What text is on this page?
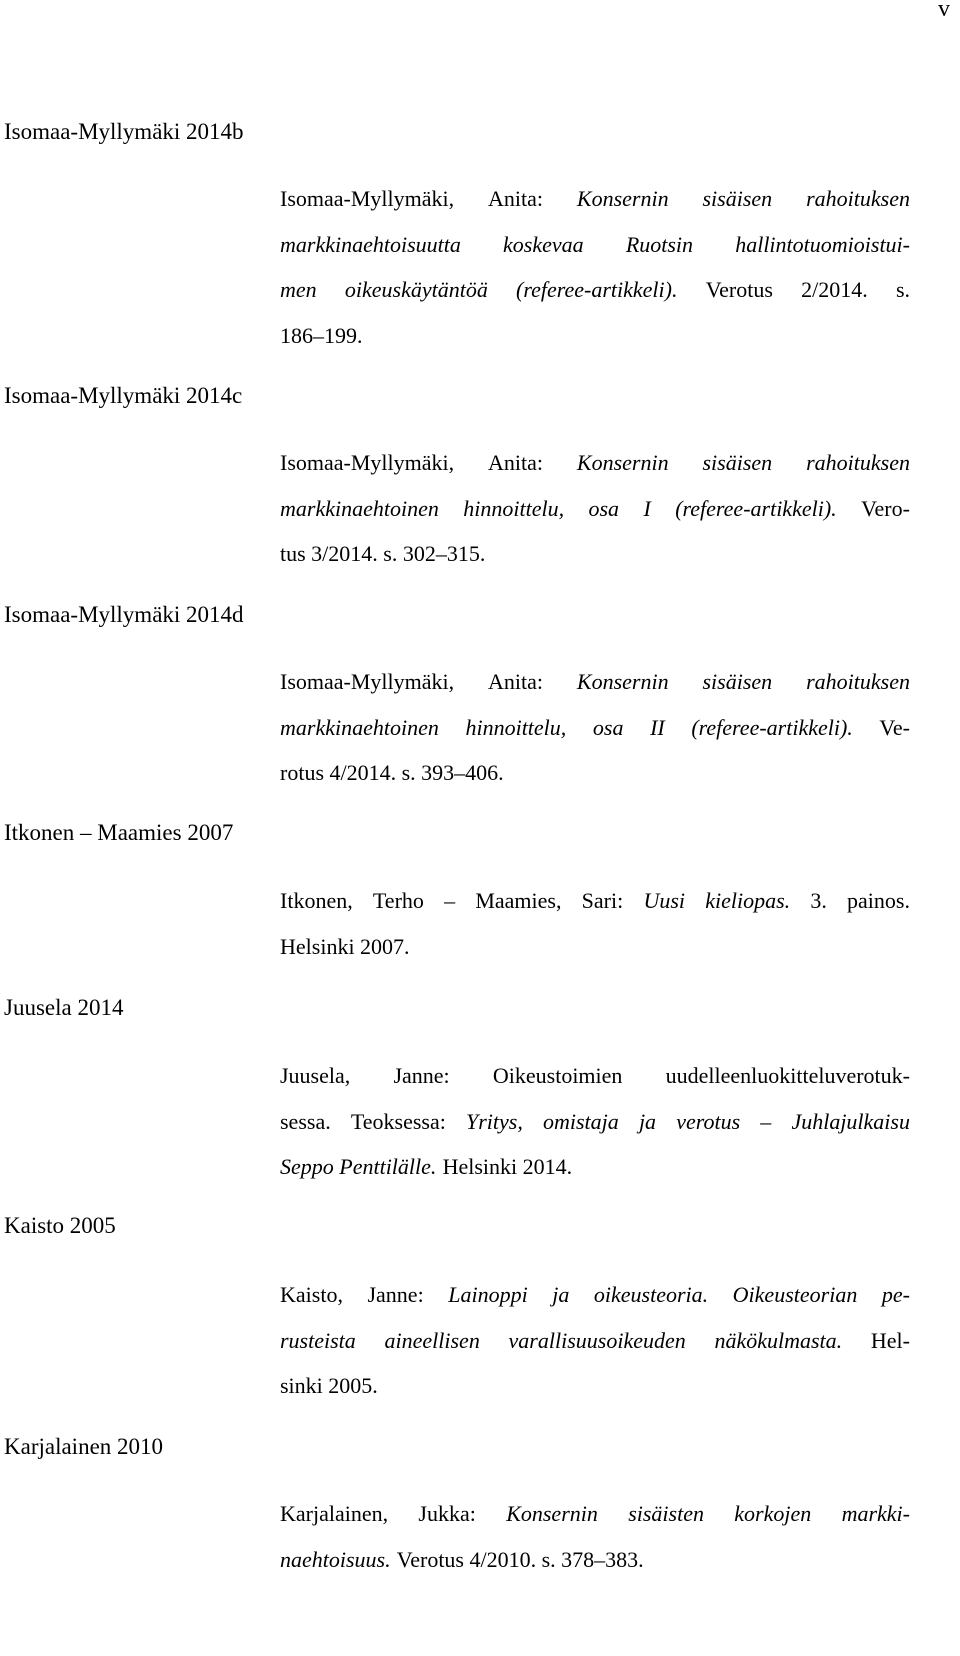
v
Isomaa-Myllymäki 2014b
Isomaa-Myllymäki, Anita: Konsernin sisäisen rahoituksen
markkinaehtoisuutta koskevaa Ruotsin hallintotuomioistui-
men oikeuskäytäntöä (referee-artikkeli). Verotus 2/2014. s.
186–199.
Isomaa-Myllymäki 2014c
Isomaa-Myllymäki, Anita: Konsernin sisäisen rahoituksen
markkinaehtoinen hinnoittelu, osa I (referee-artikkeli). Vero-
tus 3/2014. s. 302–315.
Isomaa-Myllymäki 2014d
Isomaa-Myllymäki, Anita: Konsernin sisäisen rahoituksen
markkinaehtoinen hinnoittelu, osa II (referee-artikkeli). Ve-
rotus 4/2014. s. 393–406.
Itkonen – Maamies 2007
Itkonen, Terho – Maamies, Sari: Uusi kieliopas. 3. painos.
Helsinki 2007.
Juusela 2014
Juusela, Janne: Oikeustoimien uudelleenluokitteluverotuk-
sessa. Teoksessa: Yritys, omistaja ja verotus – Juhlajulkaisu
Seppo Penttilälle. Helsinki 2014.
Kaisto 2005
Kaisto, Janne: Lainoppi ja oikeusteoria. Oikeusteorian pe-
rusteista aineellisen varallisuusoikeuden näkökulmasta. Hel-
sinki 2005.
Karjalainen 2010
Karjalainen, Jukka: Konsernin sisäisten korkojen markki-
naehtoisuus. Verotus 4/2010. s. 378–383.
